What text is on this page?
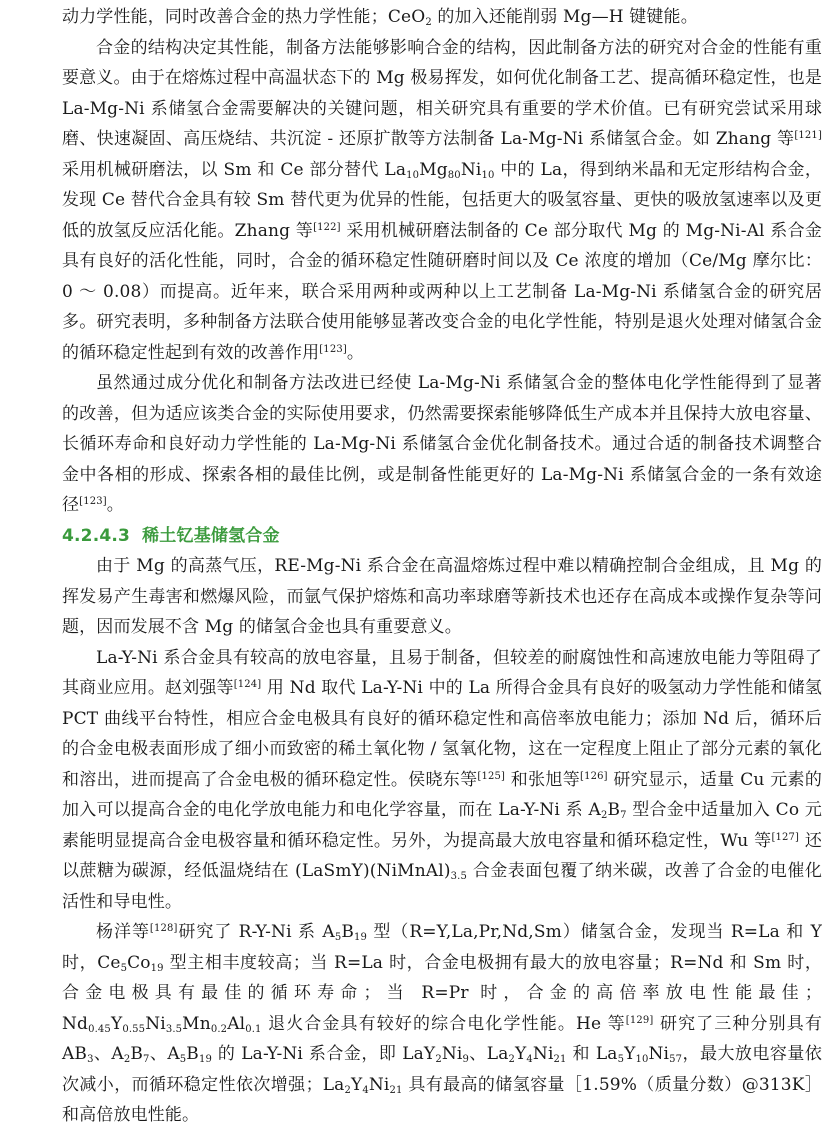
动力学性能，同时改善合金的热力学性能；CeO$_2$ 的加入还能削弱 Mg—H 键键能。

合金的结构决定其性能，制备方法能够影响合金的结构，因此制备方法的研究对合金的性能有重要意义。由于在熔炼过程中高温状态下的 Mg 极易挥发，如何优化制备工艺、提高循环稳定性，也是 La-Mg-Ni 系储氢合金需要解决的关键问题，相关研究具有重要的学术价值。已有研究尝试采用球磨、快速凝固、高压烧结、共沉淀 - 还原扩散等方法制备 La-Mg-Ni 系储氢合金。如 Zhang 等[121] 采用机械研磨法，以 Sm 和 Ce 部分替代 $La_{10}Mg_{80}Ni_{10}$ 中的 La，得到纳米晶和无定形结构合金，发现 Ce 替代合金具有较 Sm 替代更为优异的性能，包括更大的吸氢容量、更快的吸放氢速率以及更低的放氢反应活化能。Zhang 等[122] 采用机械研磨法制备的 Ce 部分取代 Mg 的 Mg-Ni-Al 系合金具有良好的活化性能，同时，合金的循环稳定性随研磨时间以及 Ce 浓度的增加（Ce/Mg 摩尔比：0 ～ 0.08）而提高。近年来，联合采用两种或两种以上工艺制备 La-Mg-Ni 系储氢合金的研究居多。研究表明，多种制备方法联合使用能够显著改变合金的电化学性能，特别是退火处理对储氢合金的循环稳定性起到有效的改善作用[123]。

虽然通过成分优化和制备方法改进已经使 La-Mg-Ni 系储氢合金的整体电化学性能得到了显著的改善，但为适应该类合金的实际使用要求，仍然需要探索能够降低生产成本并且保持大放电容量、长循环寿命和良好动力学性能的 La-Mg-Ni 系储氢合金优化制备技术。通过合适的制备技术调整合金中各相的形成、探索各相的最佳比例，或是制备性能更好的 La-Mg-Ni 系储氢合金的一条有效途径[123]。

4.2.4.3 稀土钇基储氢合金

由于 Mg 的高蒸气压，RE-Mg-Ni 系合金在高温熔炼过程中难以精确控制合金组成，且 Mg 的挥发易产生毒害和燃爆风险，而氩气保护熔炼和高功率球磨等新技术也还存在高成本或操作复杂等问题，因而发展不含 Mg 的储氢合金也具有重要意义。

La-Y-Ni 系合金具有较高的放电容量，且易于制备，但较差的耐腐蚀性和高速放电能力等阻碍了其商业应用。赵刘强等[124] 用 Nd 取代 La-Y-Ni 中的 La 所得合金具有良好的吸氢动力学性能和储氢 PCT 曲线平台特性，相应合金电极具有良好的循环稳定性和高倍率放电能力；添加 Nd 后，循环后的合金电极表面形成了细小而致密的稀土氧化物 / 氢氧化物，这在一定程度上阻止了部分元素的氧化和溶出，进而提高了合金电极的循环稳定性。侯晓东等[125] 和张旭等[126] 研究显示，适量 Cu 元素的加入可以提高合金的电化学放电能力和电化学容量，而在 La-Y-Ni 系 $A_2B_7$ 型合金中适量加入 Co 元素能明显提高合金电极容量和循环稳定性。另外，为提高最大放电容量和循环稳定性，Wu 等[127] 还以蔗糖为碳源，经低温烧结在 $(LaSmY)(NiMnAl)_{3.5}$ 合金表面包覆了纳米碳，改善了合金的电催化活性和导电性。

杨洋等[128]研究了 R-Y-Ni 系 $A_5B_{19}$ 型（R=Y,La,Pr,Nd,Sm）储氢合金，发现当 R=La 和 Y 时，$Ce_5Co_{19}$ 型主相丰度较高；当 R=La 时，合金电极拥有最大的放电容量；R=Nd 和 Sm 时，合金电极具有最佳的循环寿命；当 R=Pr 时，合金的高倍率放电性能最佳；$Nd_{0.45}Y_{0.55}Ni_{3.5}Mn_{0.2}Al_{0.1}$ 退火合金具有较好的综合电化学性能。He 等[129] 研究了三种分别具有 $AB_3$、$A_2B_7$、$A_5B_{19}$ 的 La-Y-Ni 系合金，即 $LaY_2Ni_9$、$La_2Y_4Ni_{21}$ 和 $La_5Y_{10}Ni_{57}$，最大放电容量依次减小，而循环稳定性依次增强；$La_2Y_4Ni_{21}$ 具有最高的储氢容量［1.59%（质量分数）@313K］和高倍放电性能。
